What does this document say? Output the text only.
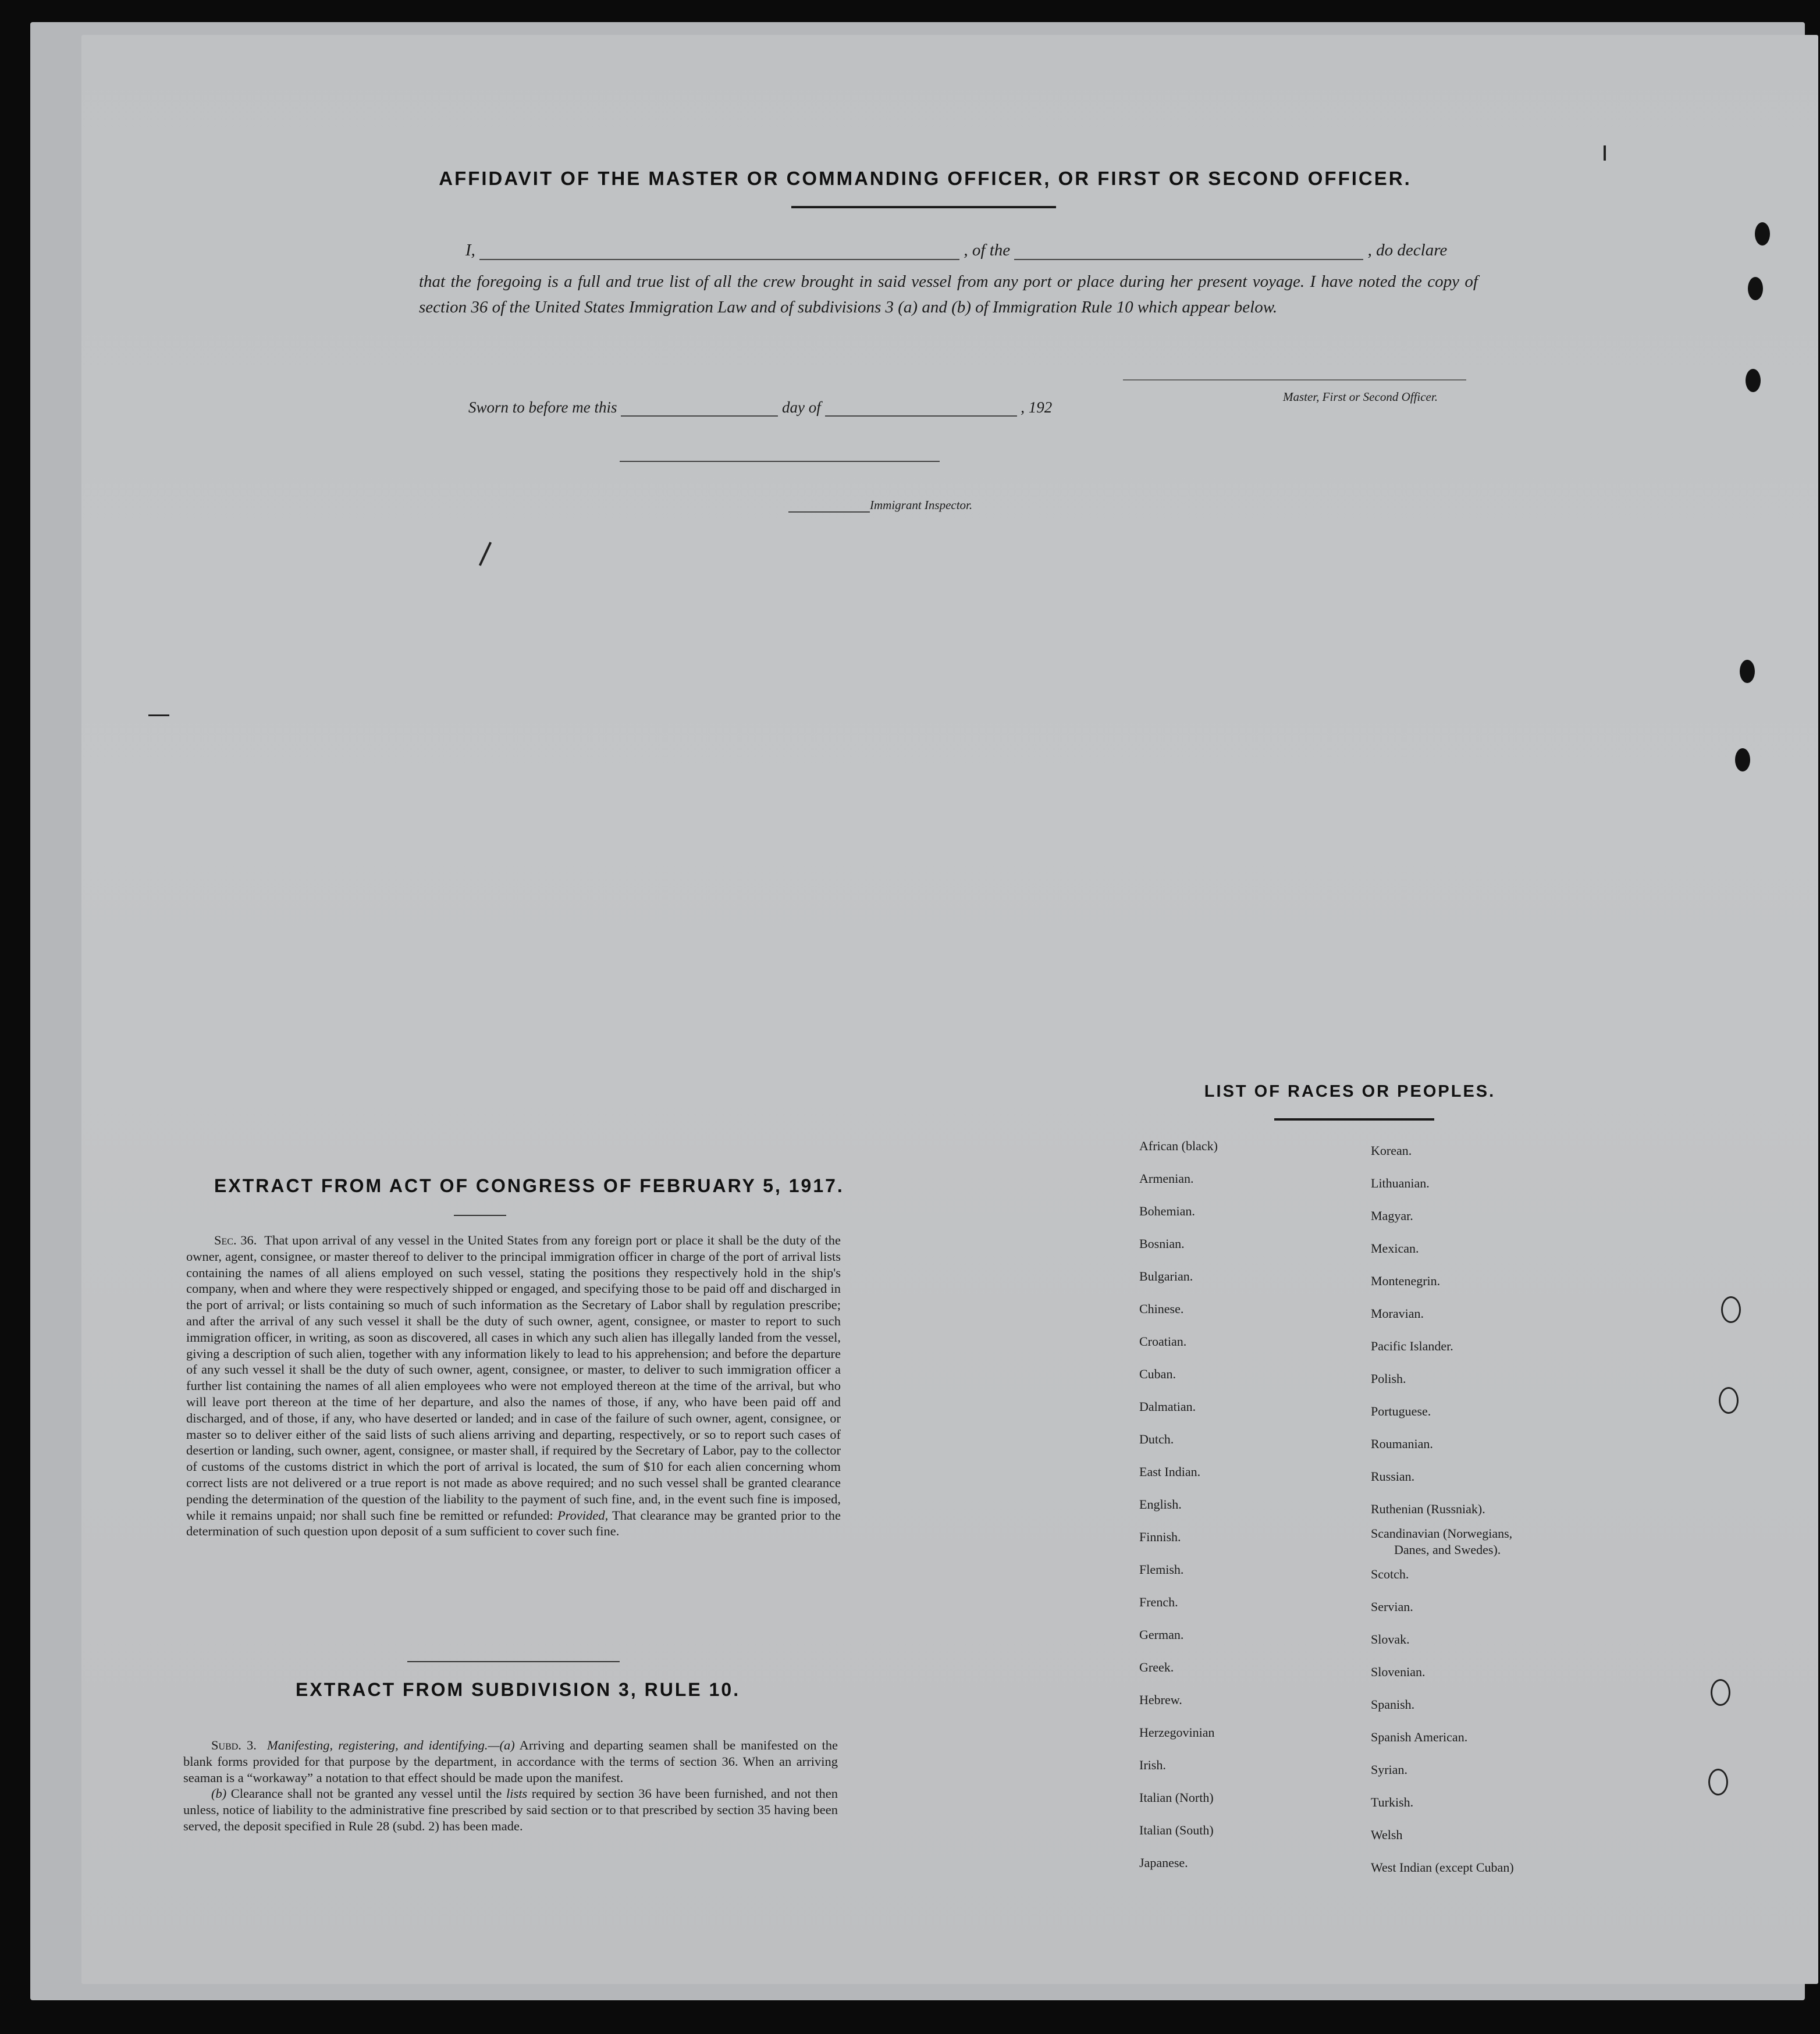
AFFIDAVIT OF THE MASTER OR COMMANDING OFFICER, OR FIRST OR SECOND OFFICER.
I,	, of the	, do declare
that the foregoing is a full and true list of all the crew brought in said vessel from any port or place during her present voyage. I have noted the copy of section 36 of the United States Immigration Law and of subdivisions 3 (a) and (b) of Immigration Rule 10 which appear below.
Master, First or Second Officer.
Sworn to before me this	day of	, 192
Immigrant Inspector.
EXTRACT FROM ACT OF CONGRESS OF FEBRUARY 5, 1917.

Sec. 36. That upon arrival of any vessel in the United States from any foreign port or place it shall be the duty of the owner, agent, consignee, or master thereof to deliver to the principal immigration officer in charge of the port of arrival lists containing the names of all aliens employed on such vessel, stating the positions they respectively hold in the ship's company, when and where they were respectively shipped or engaged, and specifying those to be paid off and discharged in the port of arrival; or lists containing so much of such information as the Secretary of Labor shall by regulation prescribe; and after the arrival of any such vessel it shall be the duty of such owner, agent, consignee, or master to report to such immigration officer, in writing, as soon as discovered, all cases in which any such alien has illegally landed from the vessel, giving a description of such alien, together with any information likely to lead to his apprehension; and before the departure of any such vessel it shall be the duty of such owner, agent, consignee, or master, to deliver to such immigration officer a further list containing the names of all alien employees who were not employed thereon at the time of the arrival, but who will leave port thereon at the time of her departure, and also the names of those, if any, who have been paid off and discharged, and of those, if any, who have deserted or landed; and in case of the failure of such owner, agent, consignee, or master so to deliver either of the said lists of such aliens arriving and departing, respectively, or so to report such cases of desertion or landing, such owner, agent, consignee, or master shall, if required by the Secretary of Labor, pay to the collector of customs of the customs district in which the port of arrival is located, the sum of $10 for each alien concerning whom correct lists are not delivered or a true report is not made as above required; and no such vessel shall be granted clearance pending the determination of the question of the liability to the payment of such fine, and, in the event such fine is imposed, while it remains unpaid; nor shall such fine be remitted or refunded: Provided, That clearance may be granted prior to the determination of such question upon deposit of a sum sufficient to cover such fine.

EXTRACT FROM SUBDIVISION 3, RULE 10.

Subd. 3. Manifesting, registering, and identifying.—(a) Arriving and departing seamen shall be manifested on the blank forms provided for that purpose by the department, in accordance with the terms of section 36. When an arriving seaman is a “workaway” a notation to that effect should be made upon the manifest.

(b) Clearance shall not be granted any vessel until the lists required by section 36 have been furnished, and not then unless, notice of liability to the administrative fine prescribed by said section or to that prescribed by section 35 having been served, the deposit specified in Rule 28 (subd. 2) has been made.

LIST OF RACES OR PEOPLES.
African (black)
Armenian.
Bohemian.
Bosnian.
Bulgarian.
Chinese.
Croatian.
Cuban.
Dalmatian.
Dutch.
East Indian.
English.
Finnish.
Flemish.
French.
German.
Greek.
Hebrew.
Herzegovinian
Irish.
Italian (North)
Italian (South)
Japanese.
Korean.
Lithuanian.
Magyar.
Mexican.
Montenegrin.
Moravian.
Pacific Islander.
Polish.
Portuguese.
Roumanian.
Russian.
Ruthenian (Russniak).
Scandinavian (Norwegians,
Danes, and Swedes).
Scotch.
Servian.
Slovak.
Slovenian.
Spanish.
Spanish American.
Syrian.
Turkish.
Welsh
West Indian (except Cuban)
